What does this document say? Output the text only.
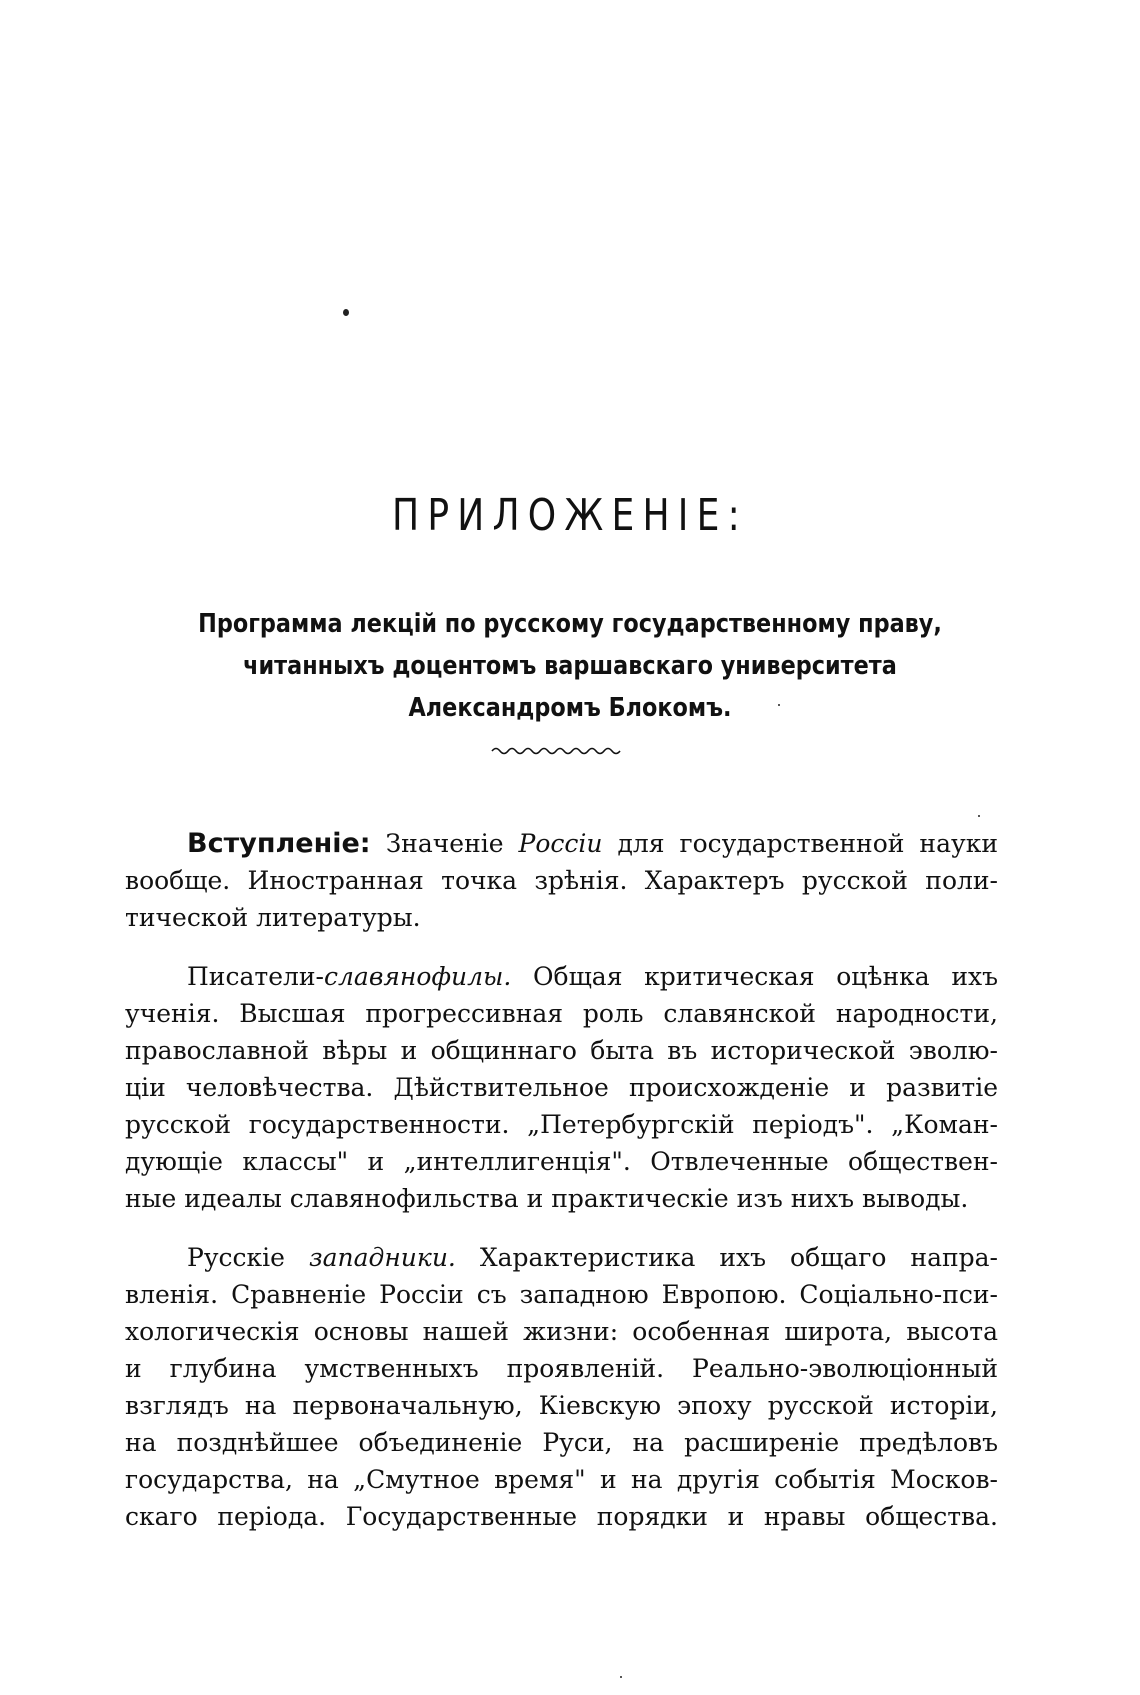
ПРИЛОЖЕНІЕ:
Программа лекцій по русскому государственному праву,
читанныхъ доцентомъ варшавскаго университета
Александромъ Блокомъ.
Вступленіе: Значеніе Россіи для государственной науки
вообще. Иностранная точка зрѣнія. Характеръ русской поли-
тической литературы.
Писатели-славянофилы. Общая критическая оцѣнка ихъ
ученія. Высшая прогрессивная роль славянской народности,
православной вѣры и общиннаго быта въ исторической эволю-
ціи человѣчества. Дѣйствительное происхожденіе и развитіе
русской государственности. „Петербургскій періодъ". „Коман-
дующіе классы" и „интеллигенція". Отвлеченные обществен-
ные идеалы славянофильства и практическіе изъ нихъ выводы.
Русскіе западники. Характеристика ихъ общаго напра-
вленія. Сравненіе Россіи съ западною Европою. Соціально-пси-
хологическія основы нашей жизни: особенная широта, высота
и глубина умственныхъ проявленій. Реально-эволюціонный
взглядъ на первоначальную, Кіевскую эпоху русской исторіи,
на позднѣйшее объединеніе Руси, на расширеніе предѣловъ
государства, на „Смутное время" и на другія событія Москов-
скаго періода. Государственные порядки и нравы общества.
